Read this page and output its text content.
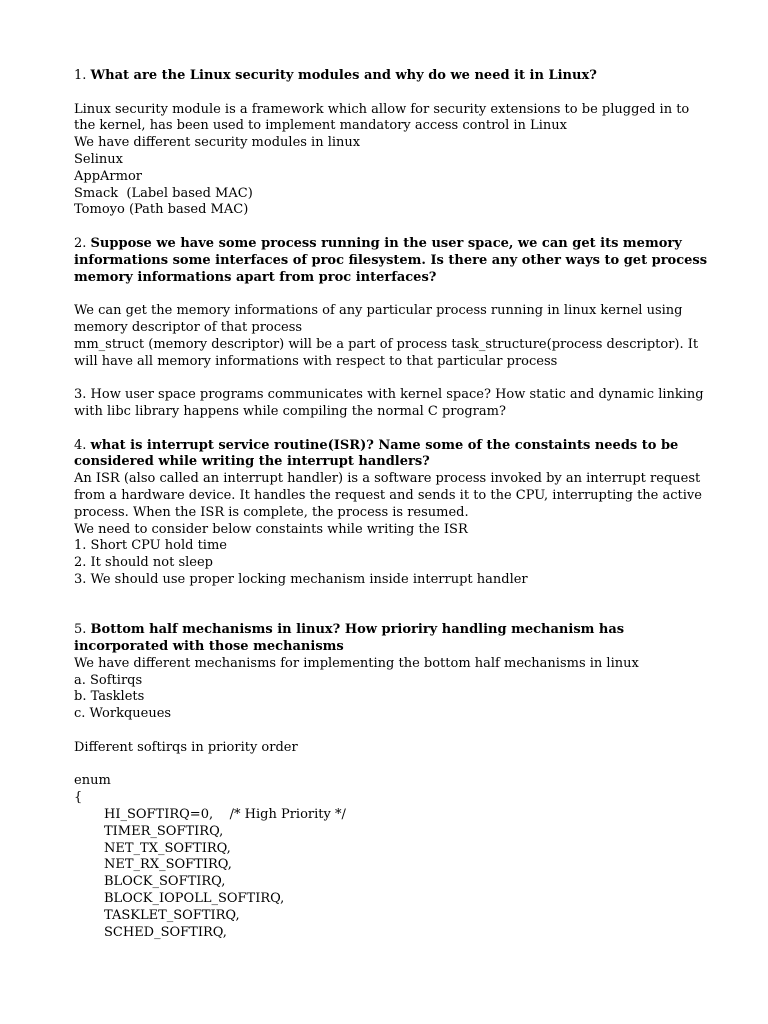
1. What are the Linux security modules and why do we need it in Linux?

Linux security module is a framework which allow for security extensions to be plugged in to the kernel, has been used to implement mandatory access control in Linux

We have different security modules in linux

Selinux

AppArmor

Smack  (Label based MAC)

Tomoyo (Path based MAC)

2. Suppose we have some process running in the user space, we can get its memory informations some interfaces of proc filesystem. Is there any other ways to get process memory informations apart from proc interfaces?

We can get the memory informations of any particular process running in linux kernel using memory descriptor of that process

mm_struct (memory descriptor) will be a part of process task_structure(process descriptor). It will have all memory informations with respect to that particular process

3. How user space programs communicates with kernel space? How static and dynamic linking with libc library happens while compiling the normal C program?

4. what is interrupt service routine(ISR)? Name some of the constaints needs to be considered while writing the interrupt handlers?

An ISR (also called an interrupt handler) is a software process invoked by an interrupt request from a hardware device. It handles the request and sends it to the CPU, interrupting the active process. When the ISR is complete, the process is resumed.

We need to consider below constaints while writing the ISR

1. Short CPU hold time

2. It should not sleep

3. We should use proper locking mechanism inside interrupt handler

5. Bottom half mechanisms in linux? How prioriry handling mechanism has incorporated with those mechanisms

We have different mechanisms for implementing the bottom half mechanisms in linux

a. Softirqs

b. Tasklets

c. Workqueues

Different softirqs in priority order

enum

{

HI_SOFTIRQ=0,    /* High Priority */

TIMER_SOFTIRQ,

NET_TX_SOFTIRQ,

NET_RX_SOFTIRQ,

BLOCK_SOFTIRQ,

BLOCK_IOPOLL_SOFTIRQ,

TASKLET_SOFTIRQ,

SCHED_SOFTIRQ,
